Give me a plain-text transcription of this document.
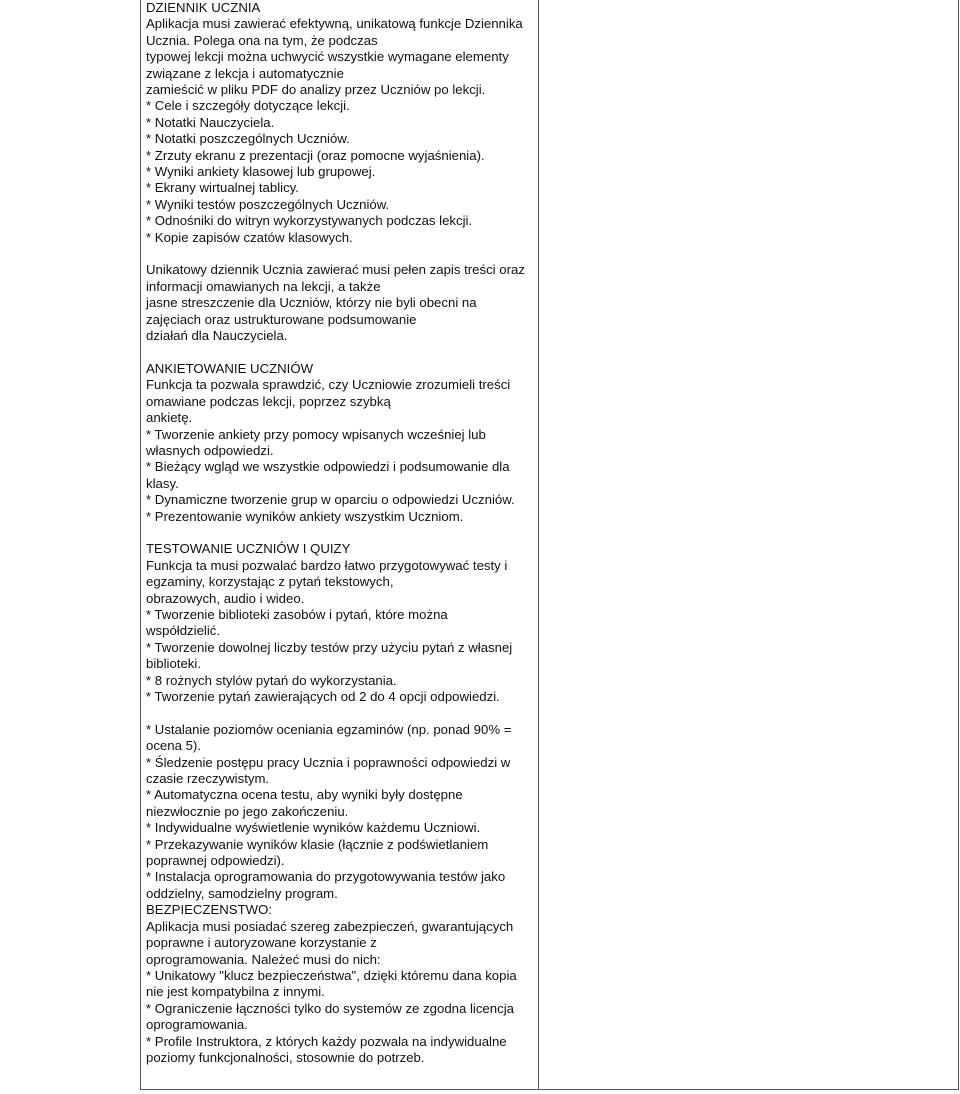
DZIENNIK UCZNIA
Aplikacja musi zawierać efektywną, unikatową funkcje Dziennika
Ucznia. Polega ona na tym, że podczas
typowej lekcji można uchwycić wszystkie wymagane elementy
związane z lekcja i automatycznie
zamieścić w pliku PDF do analizy przez Uczniów po lekcji.
* Cele i szczegóły dotyczące lekcji.
* Notatki Nauczyciela.
* Notatki poszczególnych Uczniów.
* Zrzuty ekranu z prezentacji (oraz pomocne wyjaśnienia).
* Wyniki ankiety klasowej lub grupowej.
* Ekrany wirtualnej tablicy.
* Wyniki testów poszczególnych Uczniów.
* Odnośniki do witryn wykorzystywanych podczas lekcji.
* Kopie zapisów czatów klasowych.

Unikatowy dziennik Ucznia zawierać musi pełen zapis treści oraz
informacji omawianych na lekcji, a także
jasne streszczenie dla Uczniów, którzy nie byli obecni na
zajęciach oraz ustrukturowane podsumowanie
działań dla Nauczyciela.

ANKIETOWANIE UCZNIÓW
Funkcja ta pozwala sprawdzić, czy Uczniowie zrozumieli treści
omawiane podczas lekcji, poprzez szybką
ankietę.
* Tworzenie ankiety przy pomocy wpisanych wcześniej lub
własnych odpowiedzi.
* Bieżący wgląd we wszystkie odpowiedzi i podsumowanie dla
klasy.
* Dynamiczne tworzenie grup w oparciu o odpowiedzi Uczniów.
* Prezentowanie wyników ankiety wszystkim Uczniom.

TESTOWANIE UCZNIÓW I QUIZY
Funkcja ta musi pozwalać bardzo łatwo przygotowywać testy i
egzaminy, korzystając z pytań tekstowych,
obrazowych, audio i wideo.
* Tworzenie biblioteki zasobów i pytań, które można
współdzielić.
* Tworzenie dowolnej liczby testów przy użyciu pytań z własnej
biblioteki.
* 8 rożnych stylów pytań do wykorzystania.
* Tworzenie pytań zawierających od 2 do 4 opcji odpowiedzi.

* Ustalanie poziomów oceniania egzaminów (np. ponad 90% =
ocena 5).
* Śledzenie postępu pracy Ucznia i poprawności odpowiedzi w
czasie rzeczywistym.
* Automatyczna ocena testu, aby wyniki były dostępne
niezwłocznie po jego zakończeniu.
* Indywidualne wyświetlenie wyników każdemu Uczniowi.
* Przekazywanie wyników klasie (łącznie z podświetlaniem
poprawnej odpowiedzi).
* Instalacja oprogramowania do przygotowywania testów jako
oddzielny, samodzielny program.
BEZPIECZENSTWO:
Aplikacja musi posiadać szereg zabezpieczeń, gwarantujących
poprawne i autoryzowane korzystanie z
oprogramowania. Należeć musi do nich:
* Unikatowy "klucz bezpieczeństwa", dzięki któremu dana kopia
nie jest kompatybilna z innymi.
* Ograniczenie łączności tylko do systemów ze zgodna licencja
oprogramowania.
* Profile Instruktora, z których każdy pozwala na indywidualne
poziomy funkcjonalności, stosownie do potrzeb.
